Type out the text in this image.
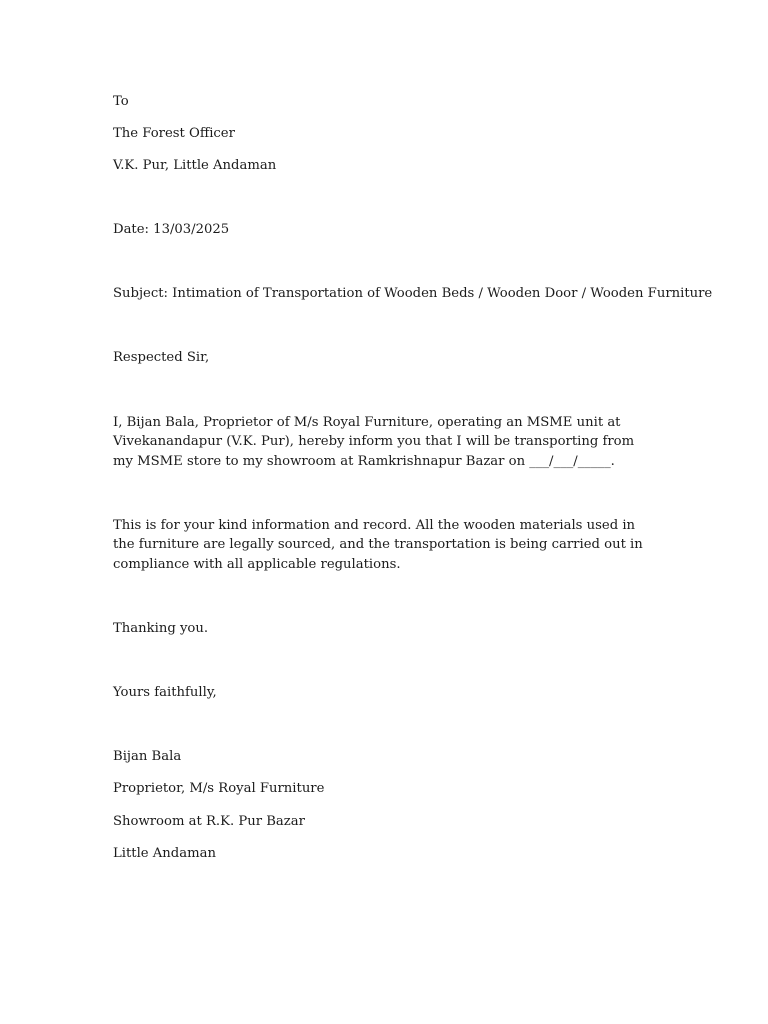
To

The Forest Officer

V.K. Pur, Little Andaman

Date: 13/03/2025

Subject: Intimation of Transportation of Wooden Beds / Wooden Door / Wooden Furniture

Respected Sir,

I, Bijan Bala, Proprietor of M/s Royal Furniture, operating an MSME unit at Vivekanandapur (V.K. Pur), hereby inform you that I will be transporting from my MSME store to my showroom at Ramkrishnapur Bazar on ___/___/_____.

This is for your kind information and record. All the wooden materials used in the furniture are legally sourced, and the transportation is being carried out in compliance with all applicable regulations.

Thanking you.

Yours faithfully,

Bijan Bala

Proprietor, M/s Royal Furniture

Showroom at R.K. Pur Bazar

Little Andaman
